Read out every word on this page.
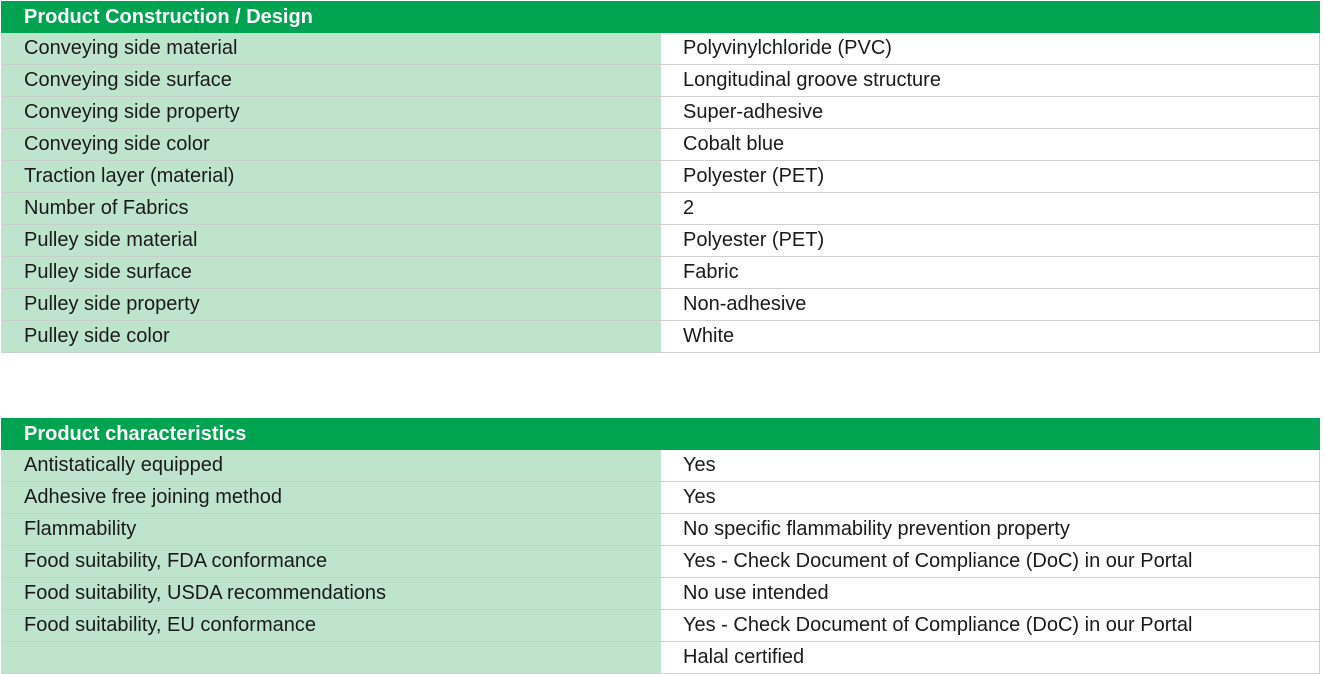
Product Construction / Design	
Conveying side material	Polyvinylchloride (PVC)
Conveying side surface	Longitudinal groove structure
Conveying side property	Super-adhesive
Conveying side color	Cobalt blue
Traction layer (material)	Polyester (PET)
Number of Fabrics	2
Pulley side material	Polyester (PET)
Pulley side surface	Fabric
Pulley side property	Non-adhesive
Pulley side color	White
Product characteristics	
Antistatically equipped	Yes
Adhesive free joining method	Yes
Flammability	No specific flammability prevention property
Food suitability, FDA conformance	Yes - Check Document of Compliance (DoC) in our Portal
Food suitability, USDA recommendations	No use intended
Food suitability, EU conformance	Yes - Check Document of Compliance (DoC) in our Portal
	Halal certified
